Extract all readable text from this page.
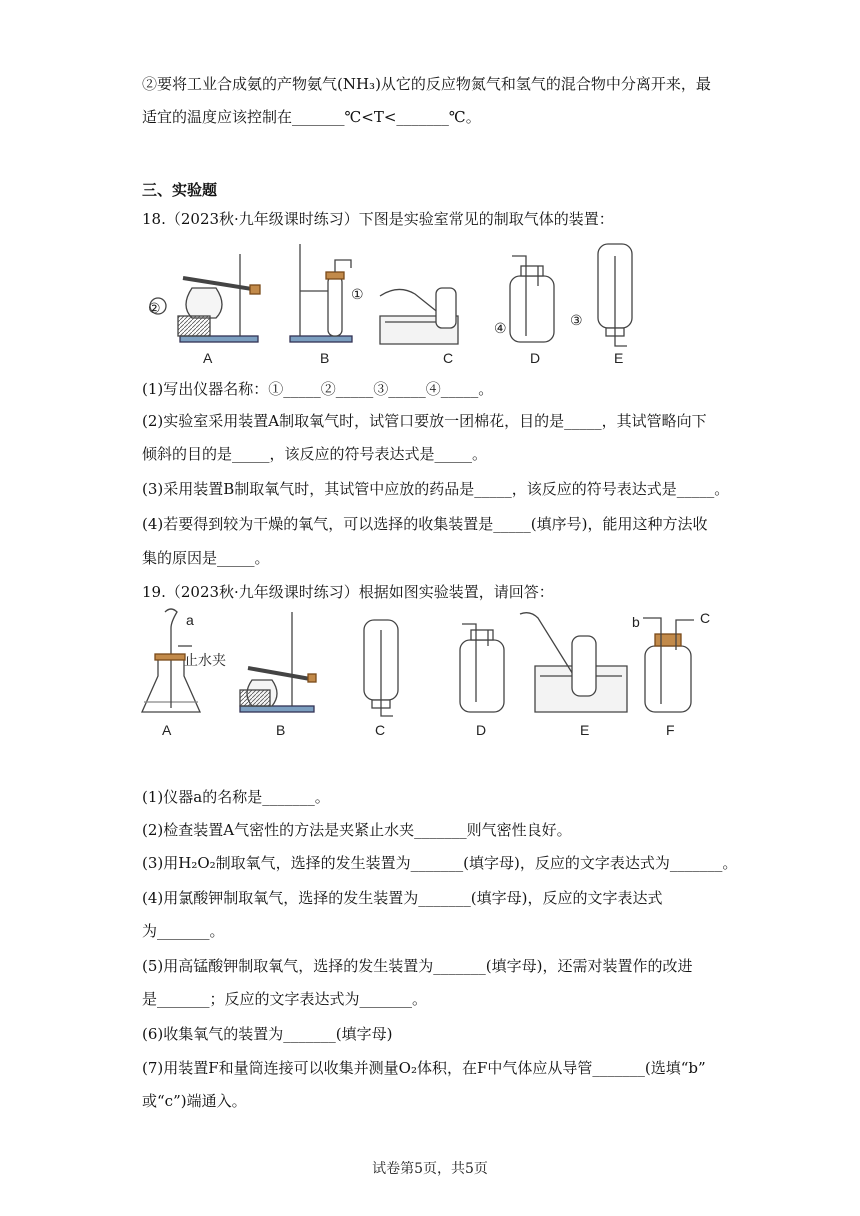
②要将工业合成氨的产物氨气(NH₃)从它的反应物氮气和氢气的混合物中分离开来，最
适宜的温度应该控制在_______℃<T<_______℃。
三、实验题
18.（2023秋·九年级课时练习）下图是实验室常见的制取气体的装置：
②
①
④	③
A	B	C	D	E
(1)写出仪器名称：①_____②_____③_____④_____。
(2)实验室采用装置A制取氧气时，试管口要放一团棉花，目的是_____，其试管略向下
倾斜的目的是_____，该反应的符号表达式是_____。
(3)采用装置B制取氧气时，其试管中应放的药品是_____，该反应的符号表达式是_____。
(4)若要得到较为干燥的氧气，可以选择的收集装置是_____(填序号)，能用这种方法收
集的原因是_____。
19.（2023秋·九年级课时练习）根据如图实验装置，请回答：
a
止水夹
b	C
A	B	C	D	E	F
(1)仪器a的名称是_______。
(2)检查装置A气密性的方法是夹紧止水夹_______则气密性良好。
(3)用H₂O₂制取氧气，选择的发生装置为_______(填字母)，反应的文字表达式为_______。
(4)用氯酸钾制取氧气，选择的发生装置为_______(填字母)，反应的文字表达式
为_______。
(5)用高锰酸钾制取氧气，选择的发生装置为_______(填字母)，还需对装置作的改进
是_______；反应的文字表达式为_______。
(6)收集氧气的装置为_______(填字母)
(7)用装置F和量筒连接可以收集并测量O₂体积，在F中气体应从导管_______(选填“b”
或“c”)端通入。
试卷第5页，共5页
